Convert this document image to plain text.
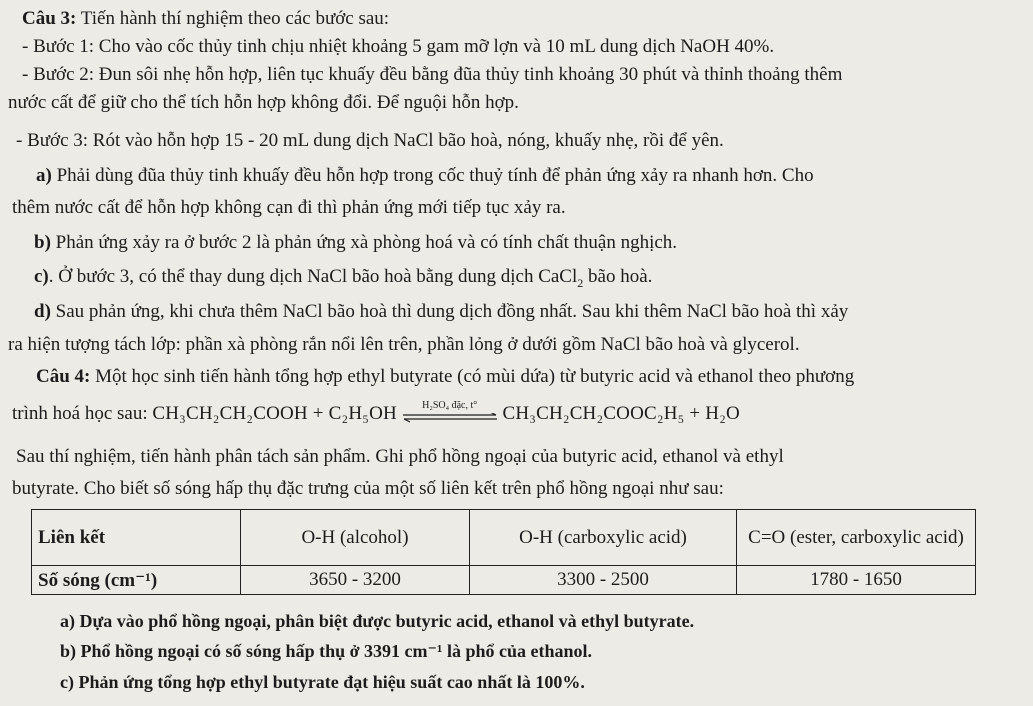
Câu 3: Tiến hành thí nghiệm theo các bước sau:
- Bước 1: Cho vào cốc thủy tinh chịu nhiệt khoảng 5 gam mỡ lợn và 10 mL dung dịch NaOH 40%.
- Bước 2: Đun sôi nhẹ hỗn hợp, liên tục khuấy đều bằng đũa thủy tinh khoảng 30 phút và thỉnh thoảng thêm
nước cất để giữ cho thể tích hỗn hợp không đổi. Để nguội hỗn hợp.
- Bước 3: Rót vào hỗn hợp 15 - 20 mL dung dịch NaCl bão hoà, nóng, khuấy nhẹ, rồi để yên.
a) Phải dùng đũa thủy tinh khuấy đều hỗn hợp trong cốc thuỷ tính để phản ứng xảy ra nhanh hơn. Cho
thêm nước cất để hỗn hợp không cạn đi thì phản ứng mới tiếp tục xảy ra.
b) Phản ứng xảy ra ở bước 2 là phản ứng xà phòng hoá và có tính chất thuận nghịch.
c). Ở bước 3, có thể thay dung dịch NaCl bão hoà bằng dung dịch CaCl$_2$ bão hoà.
d) Sau phản ứng, khi chưa thêm NaCl bão hoà thì dung dịch đồng nhất. Sau khi thêm NaCl bão hoà thì xảy
ra hiện tượng tách lớp: phần xà phòng rắn nổi lên trên, phần lỏng ở dưới gồm NaCl bão hoà và glycerol.
Câu 4: Một học sinh tiến hành tổng hợp ethyl butyrate (có mùi dứa) từ butyric acid và ethanol theo phương
trình hoá học sau: CH₃CH₂CH₂COOH + C₂H₅OH	H₂SO₄ đặc, t°	CH₃CH₂CH₂COOC₂H₅ + H₂O
Sau thí nghiệm, tiến hành phân tách sản phẩm. Ghi phổ hồng ngoại của butyric acid, ethanol và ethyl
butyrate. Cho biết số sóng hấp thụ đặc trưng của một số liên kết trên phổ hồng ngoại như sau:
Liên kết	O-H (alcohol)	O-H (carboxylic acid)	C=O (ester, carboxylic acid)
Số sóng (cm⁻¹)	3650 - 3200	3300 - 2500	1780 - 1650
a) Dựa vào phổ hồng ngoại, phân biệt được butyric acid, ethanol và ethyl butyrate.
b) Phổ hồng ngoại có số sóng hấp thụ ở 3391 cm⁻¹ là phổ của ethanol.
c) Phản ứng tổng hợp ethyl butyrate đạt hiệu suất cao nhất là 100%.
